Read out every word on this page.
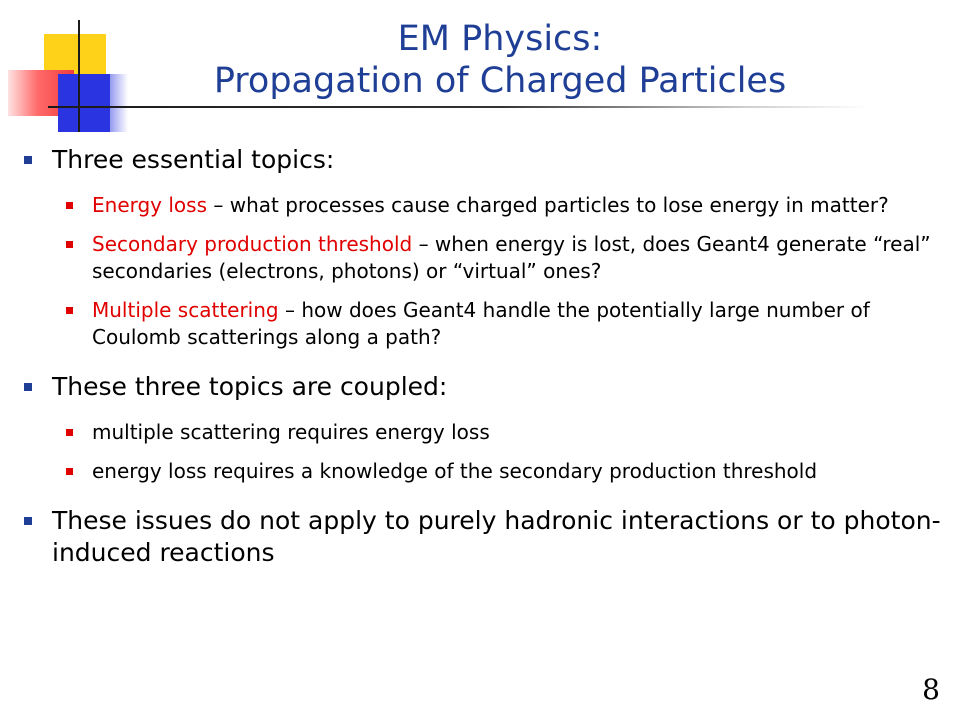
EM Physics:
Propagation of Charged Particles
Three essential topics:
Energy loss – what processes cause charged particles to lose energy in matter?
Secondary production threshold – when energy is lost, does Geant4 generate “real” secondaries (electrons, photons) or “virtual” ones?
Multiple scattering – how does Geant4 handle the potentially large number of Coulomb scatterings along a path?
These three topics are coupled:
multiple scattering requires energy loss
energy loss requires a knowledge of the secondary production threshold
These issues do not apply to purely hadronic interactions or to photon-induced reactions
8
